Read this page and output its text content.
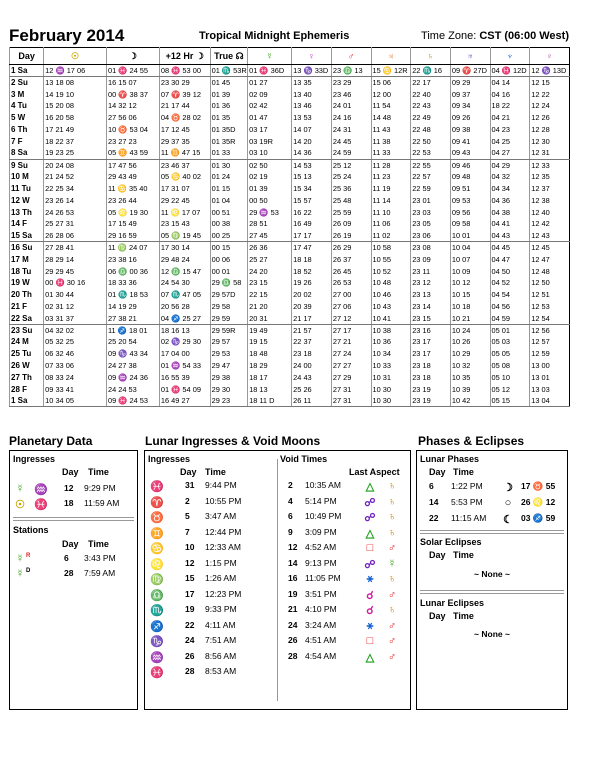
February 2014	Tropical Midnight Ephemeris	Time Zone: CST (06:00 West)
Day	☉	☽	+12 Hr ☽	True ☊	☿	♀	♂	♃	♄	♅	♆	♇
1 Sa	12 ♒ 17 06	01 ♓ 24 55	08 ♓ 53 00	01 ♏ 53R	01 ♓ 36D	13 ♑ 33D	23 ♎ 13	15 ♋ 12R	22 ♏ 16	09 ♈ 27D	04 ♓ 12D	12 ♑ 13D
2 Su	13 18 08	16 15 07	23 30 29	01 45	01 27	13 35	23 29	15 06	22 17	09 29	04 14	12 15
3 M	14 19 10	00 ♈ 38 37	07 ♈ 39 12	01 39	02 09	13 40	23 46	12 00	22 40	09 37	04 16	12 22
4 Tu	15 20 08	14 32 12	21 17 44	01 36	02 42	13 46	24 01	11 54	22 43	09 34	18 22	12 24
5 W	16 20 58	27 56 06	04 ♉ 28 02	01 35	01 47	13 53	24 16	14 48	22 49	09 26	04 21	12 26
6 Th	17 21 49	10 ♉ 53 04	17 12 45	01 35D	03 17	14 07	24 31	11 43	22 48	09 38	04 23	12 28
7 F	18 22 37	23 27 23	29 37 35	01 35R	03 19R	14 20	24 45	11 38	22 50	09 41	04 25	12 30
8 Sa	19 23 25	05 ♊ 43 59	11 ♊ 47 15	01 33	03 10	14 36	24 59	11 33	22 53	09 43	04 27	12 31
9 Su	20 24 08	17 47 56	23 46 37	01 30	02 50	14 53	25 12	11 28	22 55	09 46	04 29	12 33
10 M	21 24 52	29 43 49	05 ♋ 40 02	01 24	02 19	15 13	25 24	11 23	22 57	09 48	04 32	12 35
11 Tu	22 25 34	11 ♋ 35 40	17 31 07	01 15	01 39	15 34	25 36	11 19	22 59	09 51	04 34	12 37
12 W	23 26 14	23 26 44	29 22 45	01 04	00 50	15 57	25 48	11 14	23 01	09 53	04 36	12 38
13 Th	24 26 53	05 ♌ 19 30	11 ♌ 17 07	00 51	29 ♒ 53	16 22	25 59	11 10	23 03	09 56	04 38	12 40
14 F	25 27 31	17 15 49	23 15 43	00 38	28 51	16 49	26 09	11 06	23 05	09 58	04 41	12 42
15 Sa	26 28 06	29 16 59	05 ♍ 19 45	00 25	27 45	17 17	26 19	11 02	23 06	10 01	04 43	12 43
16 Su	27 28 41	11 ♍ 24 07	17 30 14	00 15	26 36	17 47	26 29	10 58	23 08	10 04	04 45	12 45
17 M	28 29 14	23 38 16	29 48 24	00 06	25 27	18 18	26 37	10 55	23 09	10 07	04 47	12 47
18 Tu	29 29 45	06 ♎ 00 36	12 ♎ 15 47	00 01	24 20	18 52	26 45	10 52	23 11	10 09	04 50	12 48
19 W	00 ♓ 30 16	18 33 36	24 54 30	29 ♎ 58	23 15	19 26	26 53	10 48	23 12	10 12	04 52	12 50
20 Th	01 30 44	01 ♏ 18 53	07 ♏ 47 05	29 57D	22 15	20 02	27 00	10 46	23 13	10 15	04 54	12 51
21 F	02 31 12	14 19 29	20 56 28	29 58	21 20	20 39	27 06	10 43	23 14	10 18	04 56	12 53
22 Sa	03 31 37	27 38 21	04 ♐ 25 27	29 59	20 31	21 17	27 12	10 41	23 15	10 21	04 59	12 54
23 Su	04 32 02	11 ♐ 18 01	18 16 13	29 59R	19 49	21 57	27 17	10 38	23 16	10 24	05 01	12 56
24 M	05 32 25	25 20 54	02 ♑ 29 30	29 57	19 15	22 37	27 21	10 36	23 17	10 26	05 03	12 57
25 Tu	06 32 46	09 ♑ 43 34	17 04 00	29 53	18 48	23 18	27 24	10 34	23 17	10 29	05 05	12 59
26 W	07 33 06	24 27 38	01 ♒ 54 33	29 47	18 29	24 00	27 27	10 33	23 18	10 32	05 08	13 00
27 Th	08 33 24	09 ♒ 24 36	16 55 39	29 38	18 17	24 43	27 29	10 31	23 18	10 35	05 10	13 01
28 F	09 33 41	24 24 53	01 ♓ 54 09	29 30	18 13	25 26	27 31	10 30	23 19	10 39	05 12	13 03
1 Sa	10 34 05	09 ♓ 24 53	16 49 27	29 23	18 11 D	26 11	27 31	10 30	23 19	10 42	05 15	13 04
Planetary Data
Ingresses
Day Time
☿ ♒ 12 9:29 PM
☉ ♓ 18 11:59 AM
Stations
Day Time
☿ R	6 3:43 PM
☿ D	28 7:59 AM
Lunar Ingresses & Void Moons
Ingresses
Day Time
Void Times
Last Aspect
♓ 31 9:44 PM
♈ 2 10:55 PM
♉ 5 3:47 AM
♊ 7 12:44 PM
♋ 10 12:33 AM
♌ 12 1:15 PM
♍ 15 1:26 AM
♎ 17 12:23 PM
♏ 19 9:33 PM
♐ 22 4:11 AM
♑ 24 7:51 AM
♒ 26 8:56 AM
♓ 28 8:53 AM
2 10:35 AM △ ♄
4 5:14 PM	☍ ♄
6 10:49 PM ☍ ♄
9 3:09 PM	△ ♄
12 4:52 AM	□	♂
14 9:13 PM	☍ ☿
16 11:05 PM	⚹	♄
19 3:51 PM	☌	♂
21 4:10 PM	☌	♄
24 3:24 AM	⚹	♂
26 4:51 AM	□	♂
28 4:54 AM	△ ♂
Phases & Eclipses
Lunar Phases
Day Time
6 1:22 PM ☽ 17 ♉ 55
14 5:53 PM	○	26 ♌ 12
22 11:15 AM ☾ 03 ♐ 59
Solar Eclipses
Day Time
~ None ~
Lunar Eclipses
Day Time
~ None ~
